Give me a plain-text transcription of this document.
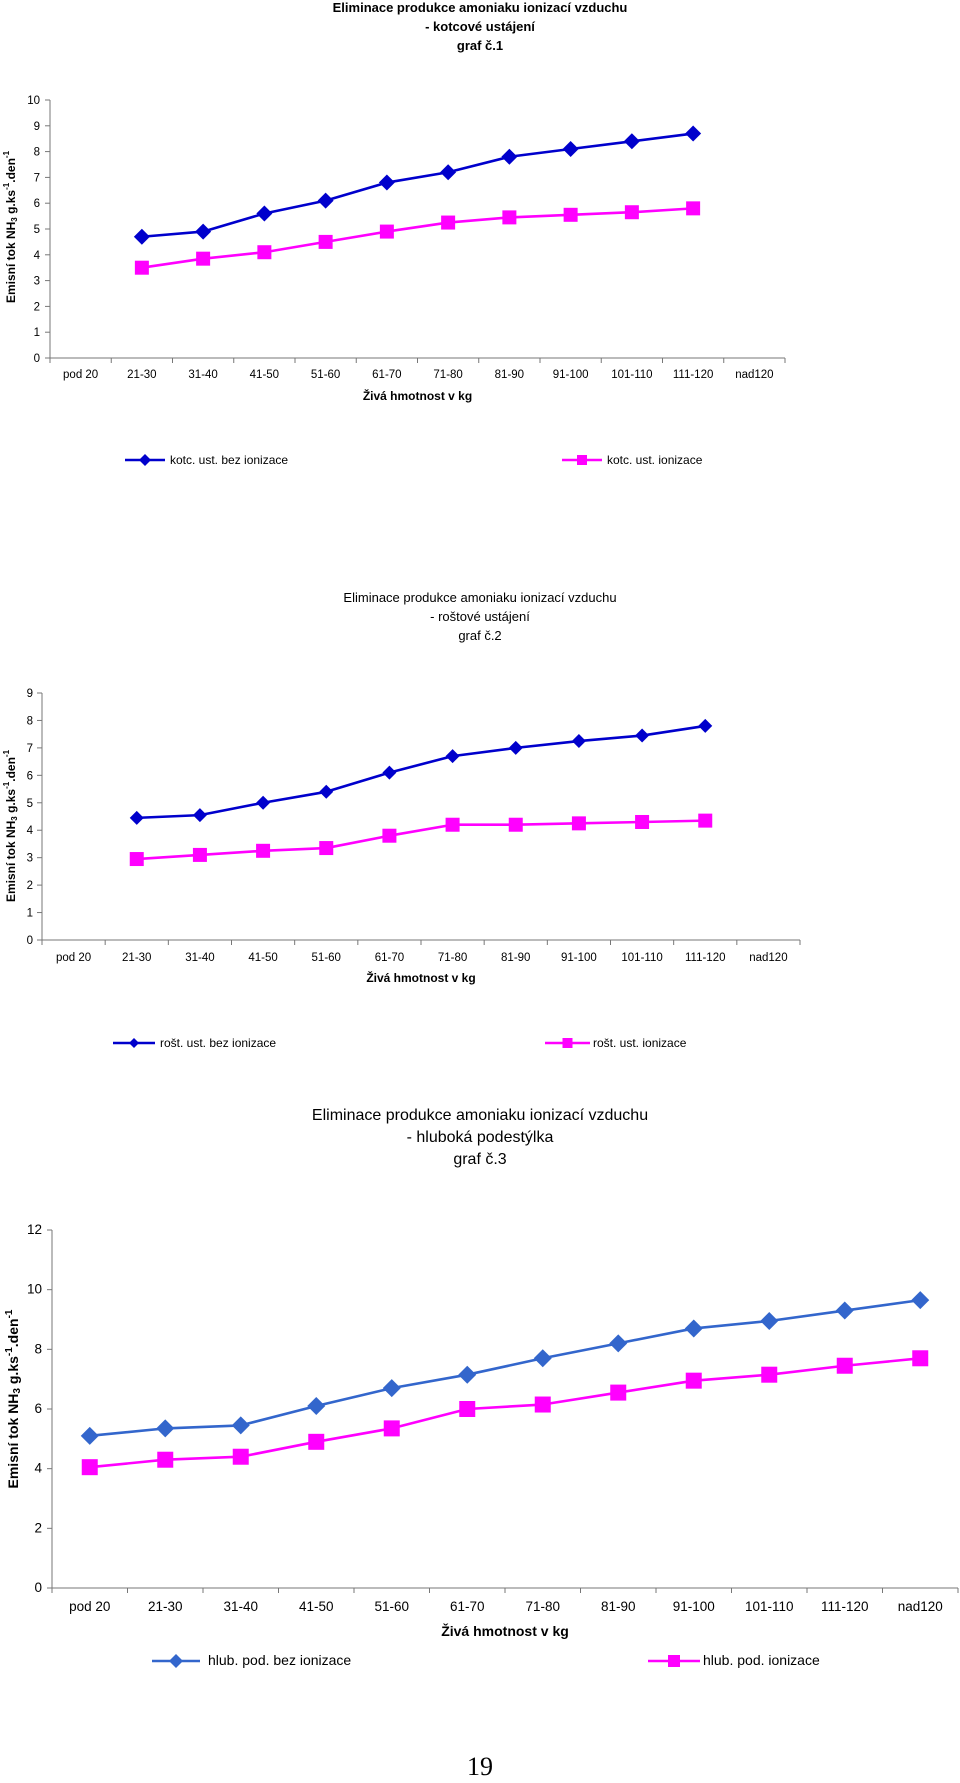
Eliminace produkce amoniaku ionizací vzduchu
- kotcové ustájení
graf č.1
0
1
2
3
4
5
6
7
8
9
10
pod 20	21-30	31-40	41-50	51-60	61-70	71-80	81-90 91-100 101-110 111-120 nad120
Živá hmotnost v kg
Emisní tok $NH_3$ $g.ks^{-1}.den^{-1}$
kotc. ust. bez ionizace	kotc. ust. ionizace
Eliminace produkce amoniaku ionizací vzduchu
- roštové ustájení
graf č.2
0
1
2
3
4
5
6
7
8
9
pod 20	21-30	31-40	41-50	51-60	61-70	71-80	81-90	91-100 101-110 111-120 nad120
Živá hmotnost v kg
Emisní tok $NH_3$ $g.ks^{-1}.den^{-1}$
rošt. ust. bez ionizace	rošt. ust. ionizace
Eliminace produkce amoniaku ionizací vzduchu
- hluboká podestýlka
graf č.3
0
2
4
6
8
10
12
pod 20	21-30	31-40	41-50	51-60	61-70	71-80	81-90	91-100 101-110 111-120 nad120
Živá hmotnost v kg
Emisní tok $NH_3$ $g.ks^{-1}.den^{-1}$
hlub. pod. bez ionizace	hlub. pod. ionizace
19
